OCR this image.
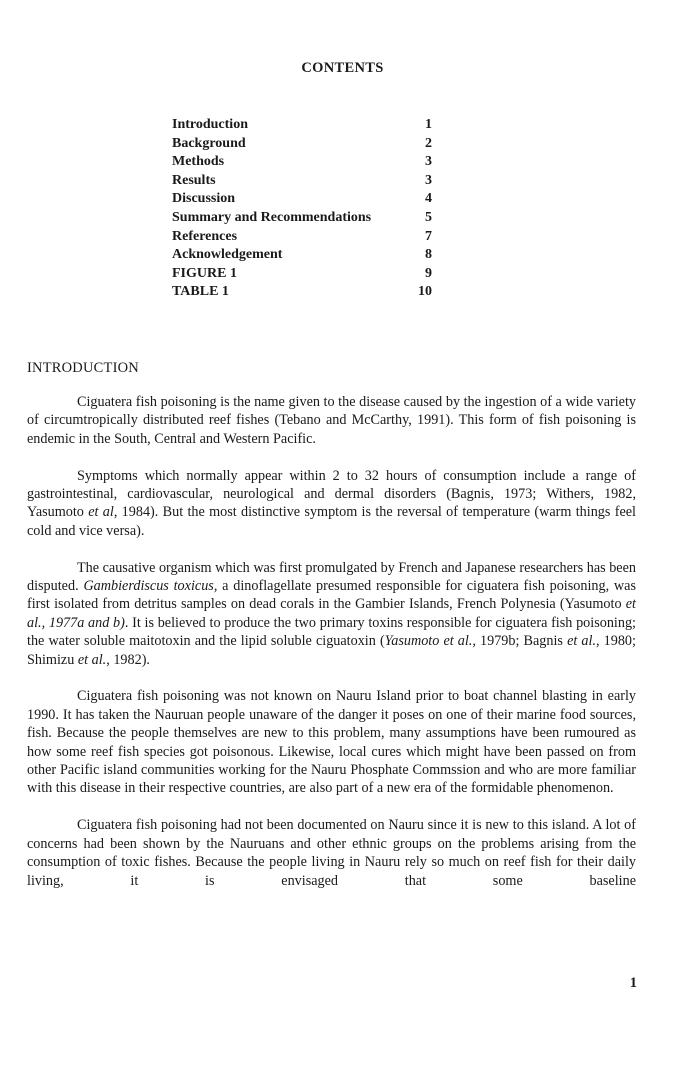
CONTENTS
Introduction	1
Background	2
Methods	3
Results	3
Discussion	4
Summary and Recommendations	5
References	7
Acknowledgement	8
FIGURE 1	9
TABLE 1	10
INTRODUCTION

Ciguatera fish poisoning is the name given to the disease caused by the ingestion of a wide variety of circumtropically distributed reef fishes (Tebano and McCarthy, 1991). This form of fish poisoning is endemic in the South, Central and Western Pacific.

Symptoms which normally appear within 2 to 32 hours of consumption include a range of gastrointestinal, cardiovascular, neurological and dermal disorders (Bagnis, 1973; Withers, 1982, Yasumoto et al, 1984). But the most distinctive symptom is the reversal of temperature (warm things feel cold and vice versa).

The causative organism which was first promulgated by French and Japanese researchers has been disputed. Gambierdiscus toxicus, a dinoflagellate presumed responsible for ciguatera fish poisoning, was first isolated from detritus samples on dead corals in the Gambier Islands, French Polynesia (Yasumoto et al., 1977a and b). It is believed to produce the two primary toxins responsible for ciguatera fish poisoning; the water soluble maitotoxin and the lipid soluble ciguatoxin (Yasumoto et al., 1979b; Bagnis et al., 1980; Shimizu et al., 1982).

Ciguatera fish poisoning was not known on Nauru Island prior to boat channel blasting in early 1990. It has taken the Nauruan people unaware of the danger it poses on one of their marine food sources, fish. Because the people themselves are new to this problem, many assumptions have been rumoured as how some reef fish species got poisonous. Likewise, local cures which might have been passed on from other Pacific island communities working for the Nauru Phosphate Commssion and who are more familiar with this disease in their respective countries, are also part of a new era of the formidable phenomenon.

Ciguatera fish poisoning had not been documented on Nauru since it is new to this island. A lot of concerns had been shown by the Nauruans and other ethnic groups on the problems arising from the consumption of toxic fishes. Because the people living in Nauru rely so much on reef fish for their daily living, it is envisaged that some baseline

1
